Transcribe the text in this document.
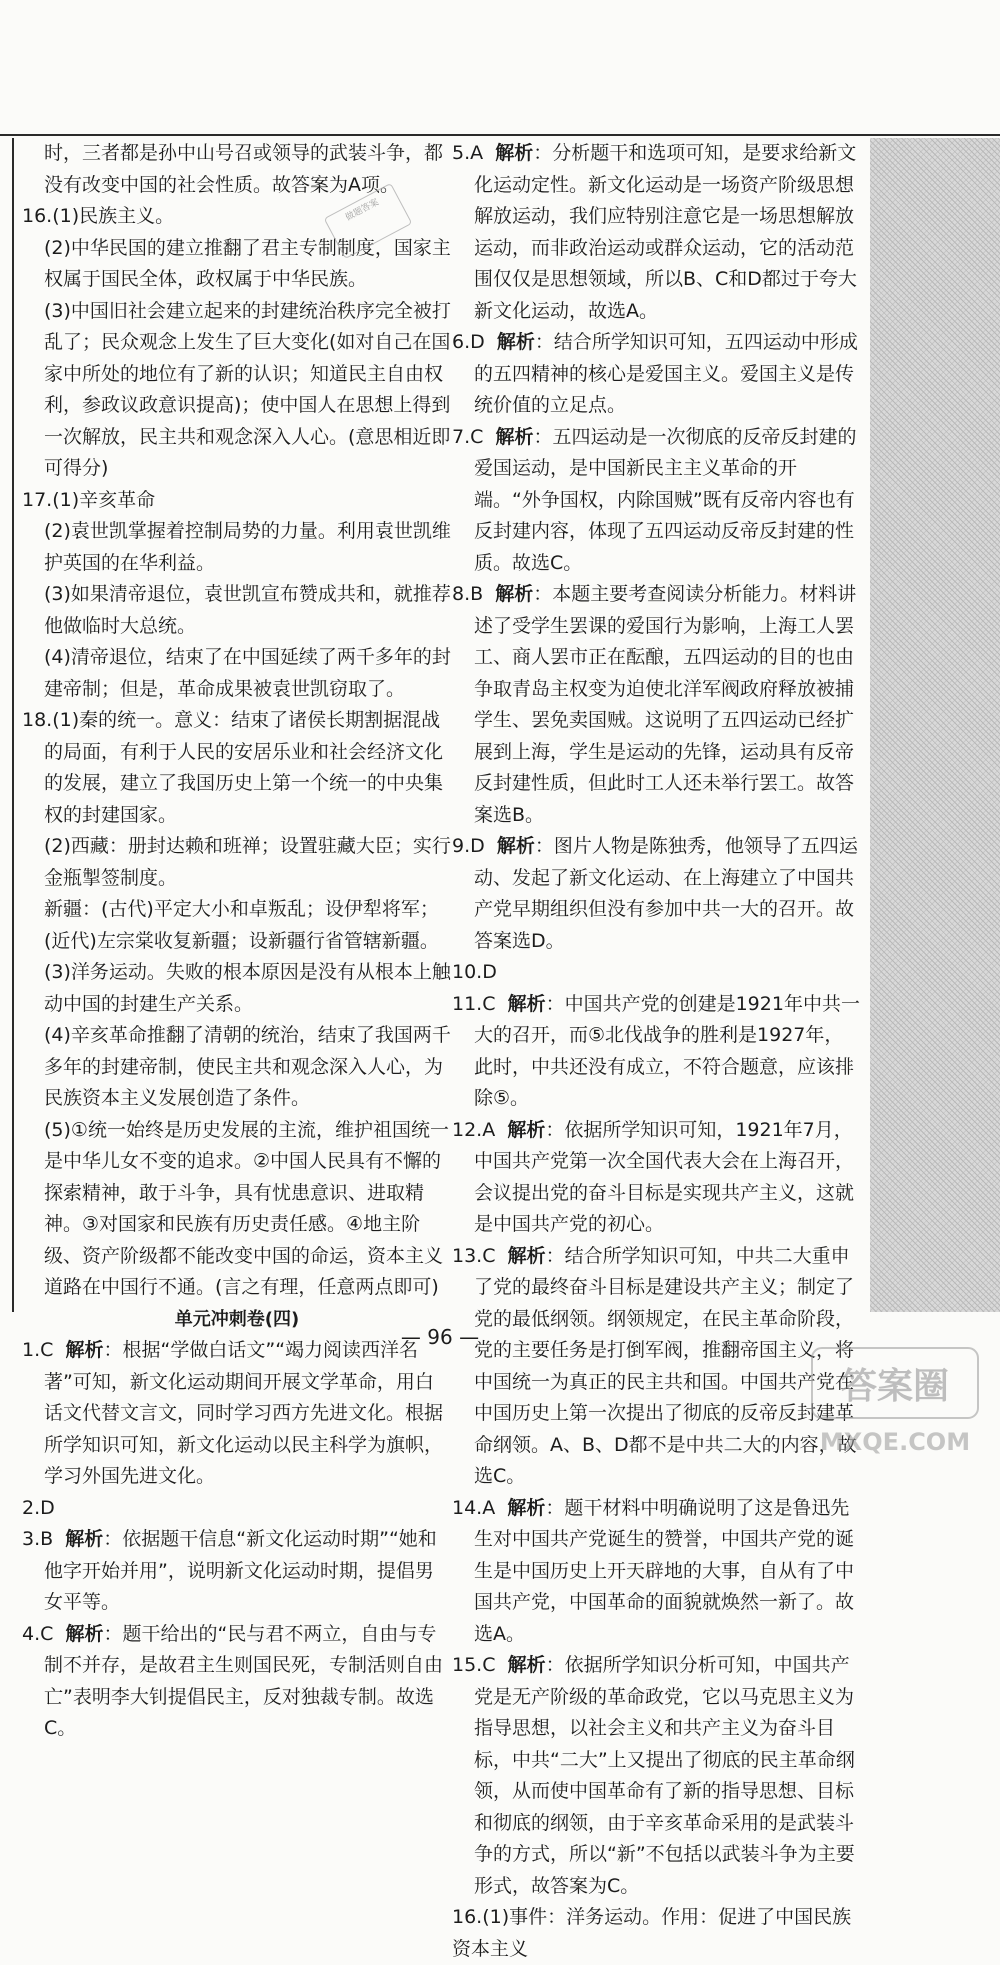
时，三者都是孙中山号召或领导的武装斗争，都没有改变中国的社会性质。故答案为A项。

16.(1)民族主义。

(2)中华民国的建立推翻了君主专制制度，国家主权属于国民全体，政权属于中华民族。

(3)中国旧社会建立起来的封建统治秩序完全被打乱了；民众观念上发生了巨大变化(如对自己在国家中所处的地位有了新的认识；知道民主自由权利，参政议政意识提高)；使中国人在思想上得到一次解放，民主共和观念深入人心。(意思相近即可得分)

17.(1)辛亥革命

(2)袁世凯掌握着控制局势的力量。利用袁世凯维护英国的在华利益。

(3)如果清帝退位，袁世凯宣布赞成共和，就推荐他做临时大总统。

(4)清帝退位，结束了在中国延续了两千多年的封建帝制；但是，革命成果被袁世凯窃取了。

18.(1)秦的统一。意义：结束了诸侯长期割据混战的局面，有利于人民的安居乐业和社会经济文化的发展，建立了我国历史上第一个统一的中央集权的封建国家。

(2)西藏：册封达赖和班禅；设置驻藏大臣；实行金瓶掣签制度。

新疆：(古代)平定大小和卓叛乱；设伊犁将军；(近代)左宗棠收复新疆；设新疆行省管辖新疆。

(3)洋务运动。失败的根本原因是没有从根本上触动中国的封建生产关系。

(4)辛亥革命推翻了清朝的统治，结束了我国两千多年的封建帝制，使民主共和观念深入人心，为民族资本主义发展创造了条件。

(5)①统一始终是历史发展的主流，维护祖国统一是中华儿女不变的追求。②中国人民具有不懈的探索精神，敢于斗争，具有忧患意识、进取精神。③对国家和民族有历史责任感。④地主阶级、资产阶级都不能改变中国的命运，资本主义道路在中国行不通。(言之有理，任意两点即可)

单元冲刺卷(四)

1.C 解析：根据“学做白话文”“竭力阅读西洋名著”可知，新文化运动期间开展文学革命，用白话文代替文言文，同时学习西方先进文化。根据所学知识可知，新文化运动以民主科学为旗帜，学习外国先进文化。

2.D

3.B 解析：依据题干信息“新文化运动时期”“她和他字开始并用”，说明新文化运动时期，提倡男女平等。

4.C 解析：题干给出的“民与君不两立，自由与专制不并存，是故君主生则国民死，专制活则自由亡”表明李大钊提倡民主，反对独裁专制。故选C。

做题答案

5.A 解析：分析题干和选项可知，是要求给新文化运动定性。新文化运动是一场资产阶级思想解放运动，我们应特别注意它是一场思想解放运动，而非政治运动或群众运动，它的活动范围仅仅是思想领域，所以B、C和D都过于夸大新文化运动，故选A。

6.D 解析：结合所学知识可知，五四运动中形成的五四精神的核心是爱国主义。爱国主义是传统价值的立足点。

7.C 解析：五四运动是一次彻底的反帝反封建的爱国运动，是中国新民主主义革命的开端。“外争国权，内除国贼”既有反帝内容也有反封建内容，体现了五四运动反帝反封建的性质。故选C。

8.B 解析：本题主要考查阅读分析能力。材料讲述了受学生罢课的爱国行为影响，上海工人罢工、商人罢市正在酝酿，五四运动的目的也由争取青岛主权变为迫使北洋军阀政府释放被捕学生、罢免卖国贼。这说明了五四运动已经扩展到上海，学生是运动的先锋，运动具有反帝反封建性质，但此时工人还未举行罢工。故答案选B。

9.D 解析：图片人物是陈独秀，他领导了五四运动、发起了新文化运动、在上海建立了中国共产党早期组织但没有参加中共一大的召开。故答案选D。

10.D

11.C 解析：中国共产党的创建是1921年中共一大的召开，而⑤北伐战争的胜利是1927年，此时，中共还没有成立，不符合题意，应该排除⑤。

12.A 解析：依据所学知识可知，1921年7月，中国共产党第一次全国代表大会在上海召开，会议提出党的奋斗目标是实现共产主义，这就是中国共产党的初心。

13.C 解析：结合所学知识可知，中共二大重申了党的最终奋斗目标是建设共产主义；制定了党的最低纲领。纲领规定，在民主革命阶段，党的主要任务是打倒军阀，推翻帝国主义，将中国统一为真正的民主共和国。中国共产党在中国历史上第一次提出了彻底的反帝反封建革命纲领。A、B、D都不是中共二大的内容，故选C。

14.A 解析：题干材料中明确说明了这是鲁迅先生对中国共产党诞生的赞誉，中国共产党的诞生是中国历史上开天辟地的大事，自从有了中国共产党，中国革命的面貌就焕然一新了。故选A。

15.C 解析：依据所学知识分析可知，中国共产党是无产阶级的革命政党，它以马克思主义为指导思想，以社会主义和共产主义为奋斗目标，中共“二大”上又提出了彻底的民主革命纲领，从而使中国革命有了新的指导思想、目标和彻底的纲领，由于辛亥革命采用的是武装斗争的方式，所以“新”不包括以武装斗争为主要形式，故答案为C。

16.(1)事件：洋务运动。作用：促进了中国民族资本主义

— 96 —
答案圈
MXQE.COM
